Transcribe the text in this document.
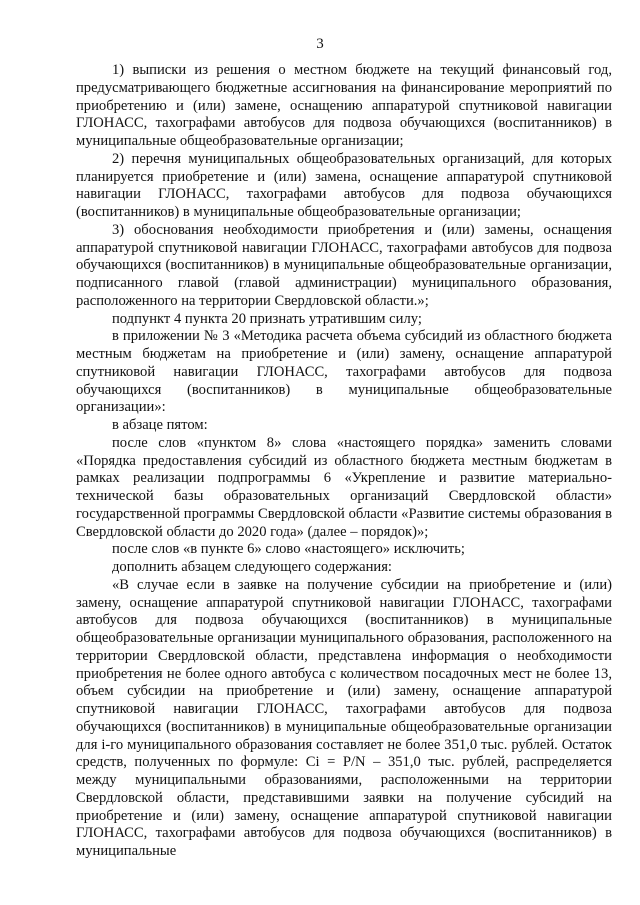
3

1) выписки из решения о местном бюджете на текущий финансовый год, предусматривающего бюджетные ассигнования на финансирование мероприятий по приобретению и (или) замене, оснащению аппаратурой спутниковой навигации ГЛОНАСС, тахографами автобусов для подвоза обучающихся (воспитанников) в муниципальные общеобразовательные организации;

2) перечня муниципальных общеобразовательных организаций, для которых планируется приобретение и (или) замена, оснащение аппаратурой спутниковой навигации ГЛОНАСС, тахографами автобусов для подвоза обучающихся (воспитанников) в муниципальные общеобразовательные организации;

3) обоснования необходимости приобретения и (или) замены, оснащения аппаратурой спутниковой навигации ГЛОНАСС, тахографами автобусов для подвоза обучающихся (воспитанников) в муниципальные общеобразовательные организации, подписанного главой (главой администрации) муниципального образования, расположенного на территории Свердловской области.»;

подпункт 4 пункта 20 признать утратившим силу;

в приложении № 3 «Методика расчета объема субсидий из областного бюджета местным бюджетам на приобретение и (или) замену, оснащение аппаратурой спутниковой навигации ГЛОНАСС, тахографами автобусов для подвоза обучающихся (воспитанников) в муниципальные общеобразовательные организации»:

в абзаце пятом:

после слов «пунктом 8» слова «настоящего порядка» заменить словами «Порядка предоставления субсидий из областного бюджета местным бюджетам в рамках реализации подпрограммы 6 «Укрепление и развитие материально-технической базы образовательных организаций Свердловской области» государственной программы Свердловской области «Развитие системы образования в Свердловской области до 2020 года» (далее – порядок)»;

после слов «в пункте 6» слово «настоящего» исключить;

дополнить абзацем следующего содержания:

«В случае если в заявке на получение субсидии на приобретение и (или) замену, оснащение аппаратурой спутниковой навигации ГЛОНАСС, тахографами автобусов для подвоза обучающихся (воспитанников) в муниципальные общеобразовательные организации муниципального образования, расположенного на территории Свердловской области, представлена информация о необходимости приобретения не более одного автобуса с количеством посадочных мест не более 13, объем субсидии на приобретение и (или) замену, оснащение аппаратурой спутниковой навигации ГЛОНАСС, тахографами автобусов для подвоза обучающихся (воспитанников) в муниципальные общеобразовательные организации для i-го муниципального образования составляет не более 351,0 тыс. рублей. Остаток средств, полученных по формуле: Ci = P/N – 351,0 тыс. рублей, распределяется между муниципальными образованиями, расположенными на территории Свердловской области, представившими заявки на получение субсидий на приобретение и (или) замену, оснащение аппаратурой спутниковой навигации ГЛОНАСС, тахографами автобусов для подвоза обучающихся (воспитанников) в муниципальные
